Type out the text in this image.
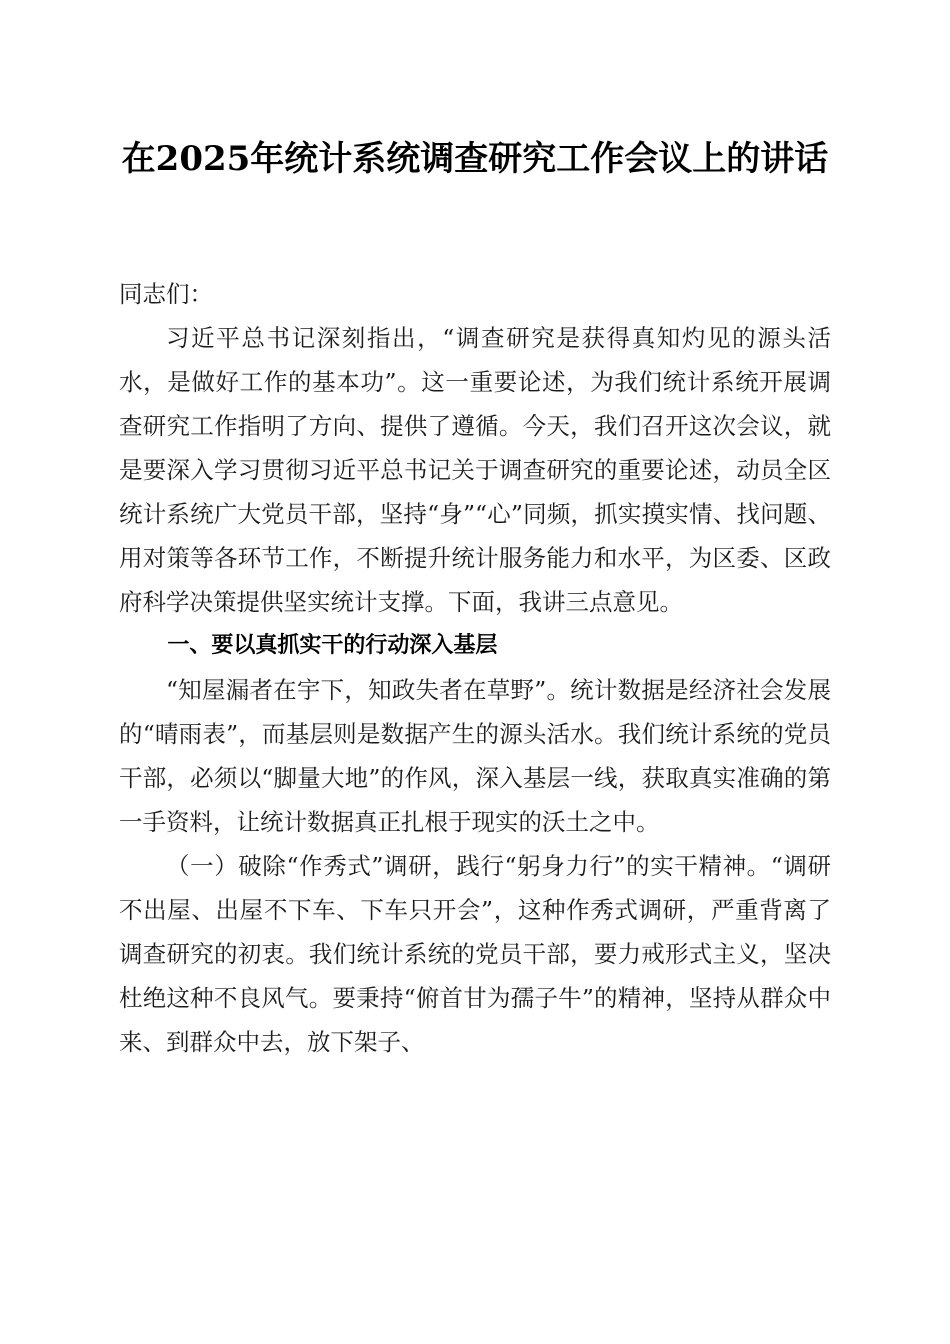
在2025年统计系统调查研究工作会议上的讲话

同志们：

习近平总书记深刻指出，“调查研究是获得真知灼见的源头活水，是做好工作的基本功”。这一重要论述，为我们统计系统开展调查研究工作指明了方向、提供了遵循。今天，我们召开这次会议，就是要深入学习贯彻习近平总书记关于调查研究的重要论述，动员全区统计系统广大党员干部，坚持“身”“心”同频，抓实摸实情、找问题、用对策等各环节工作，不断提升统计服务能力和水平，为区委、区政府科学决策提供坚实统计支撑。下面，我讲三点意见。

一、要以真抓实干的行动深入基层

“知屋漏者在宇下，知政失者在草野”。统计数据是经济社会发展的“晴雨表”，而基层则是数据产生的源头活水。我们统计系统的党员干部，必须以“脚量大地”的作风，深入基层一线，获取真实准确的第一手资料，让统计数据真正扎根于现实的沃土之中。

（一）破除“作秀式”调研，践行“躬身力行”的实干精神。“调研不出屋、出屋不下车、下车只开会”，这种作秀式调研，严重背离了调查研究的初衷。我们统计系统的党员干部，要力戒形式主义，坚决杜绝这种不良风气。要秉持“俯首甘为孺子牛”的精神，坚持从群众中来、到群众中去，放下架子、
